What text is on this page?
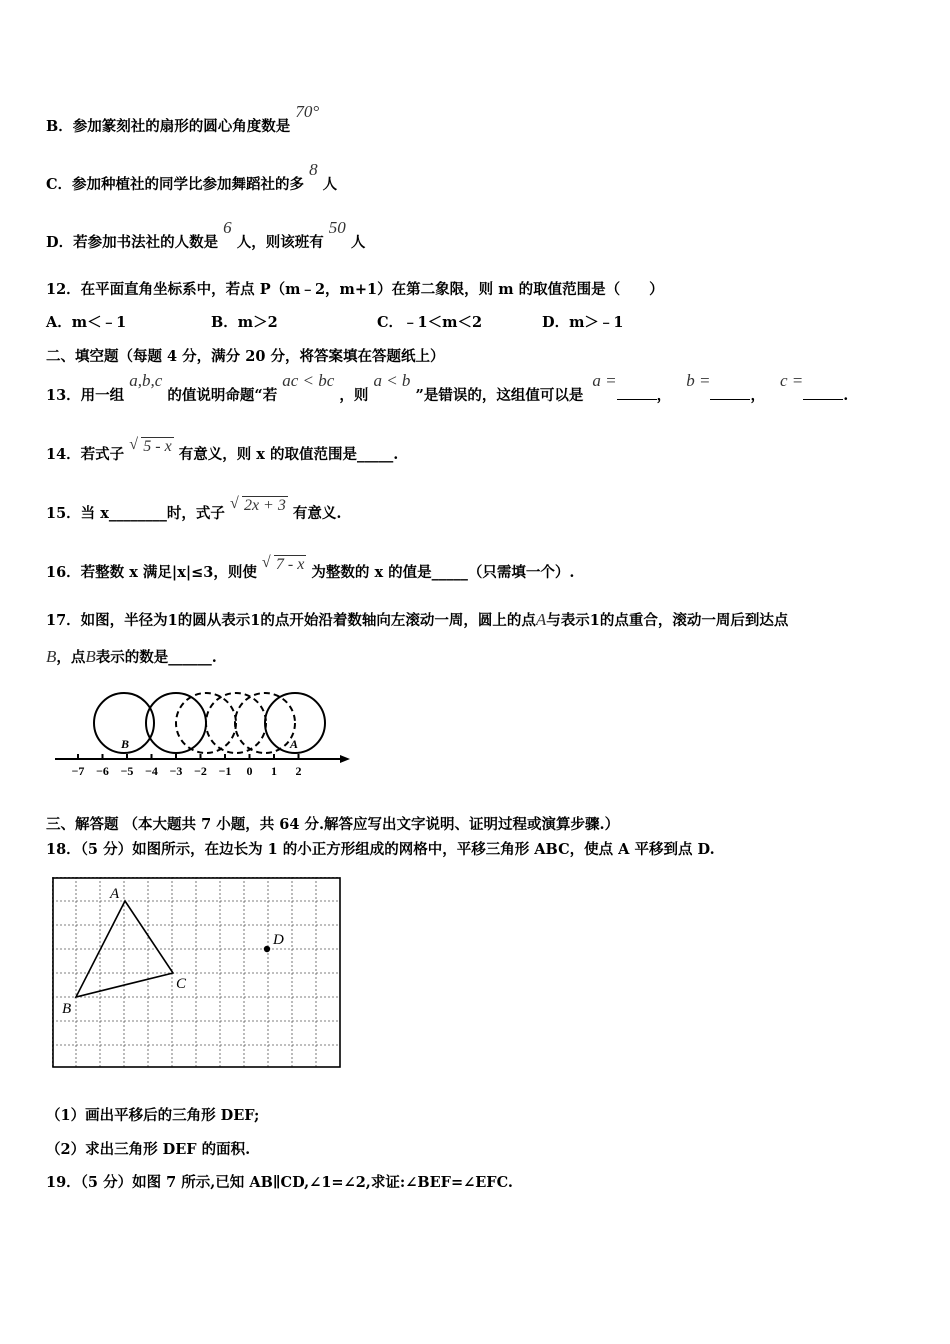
B．参加篆刻社的扇形的圆心角度数是 70°
C．参加种植社的同学比参加舞蹈社的多 8 人
D．若参加书法社的人数是 6 人，则该班有 50 人
12．在平面直角坐标系中，若点 P（m﹣2，m+1）在第二象限，则 m 的取值范围是（　　）
A．m＜﹣1	B．m＞2	C．﹣1＜m＜2	D．m＞﹣1
二、填空题（每题 4 分，满分 20 分，将答案填在答题纸上）
13．用一组 a,b,c 的值说明命题“若 ac < bc ，则 a < b ”是错误的，这组值可以是 a =， b =， c =.
14．若式子
√ 5 - x 有意义，则 x 的取值范围是_____.
15．当 x________时，式子
√ 2x + 3 有意义.
16．若整数 x 满足|x|≤3，则使
√ 7 - x 为整数的 x 的值是_____（只需填一个）.
17．如图，半径为1的圆从表示1的点开始沿着数轴向左滚动一周，圆上的点A与表示1的点重合，滚动一周后到达点
B，点B表示的数是______.
B	A
−7 −6 −5 −4 −3 −2 −1 0 1 2
三、解答题 （本大题共 7 小题，共 64 分.解答应写出文字说明、证明过程或演算步骤.）
18．（5 分）如图所示，在边长为 1 的小正方形组成的网格中，平移三角形 ABC，使点 A 平移到点 D.
A
B
C
D
（1）画出平移后的三角形 DEF;
（2）求出三角形 DEF 的面积.
19．（5 分）如图 7 所示,已知 AB∥CD,∠1=∠2,求证:∠BEF=∠EFC.
